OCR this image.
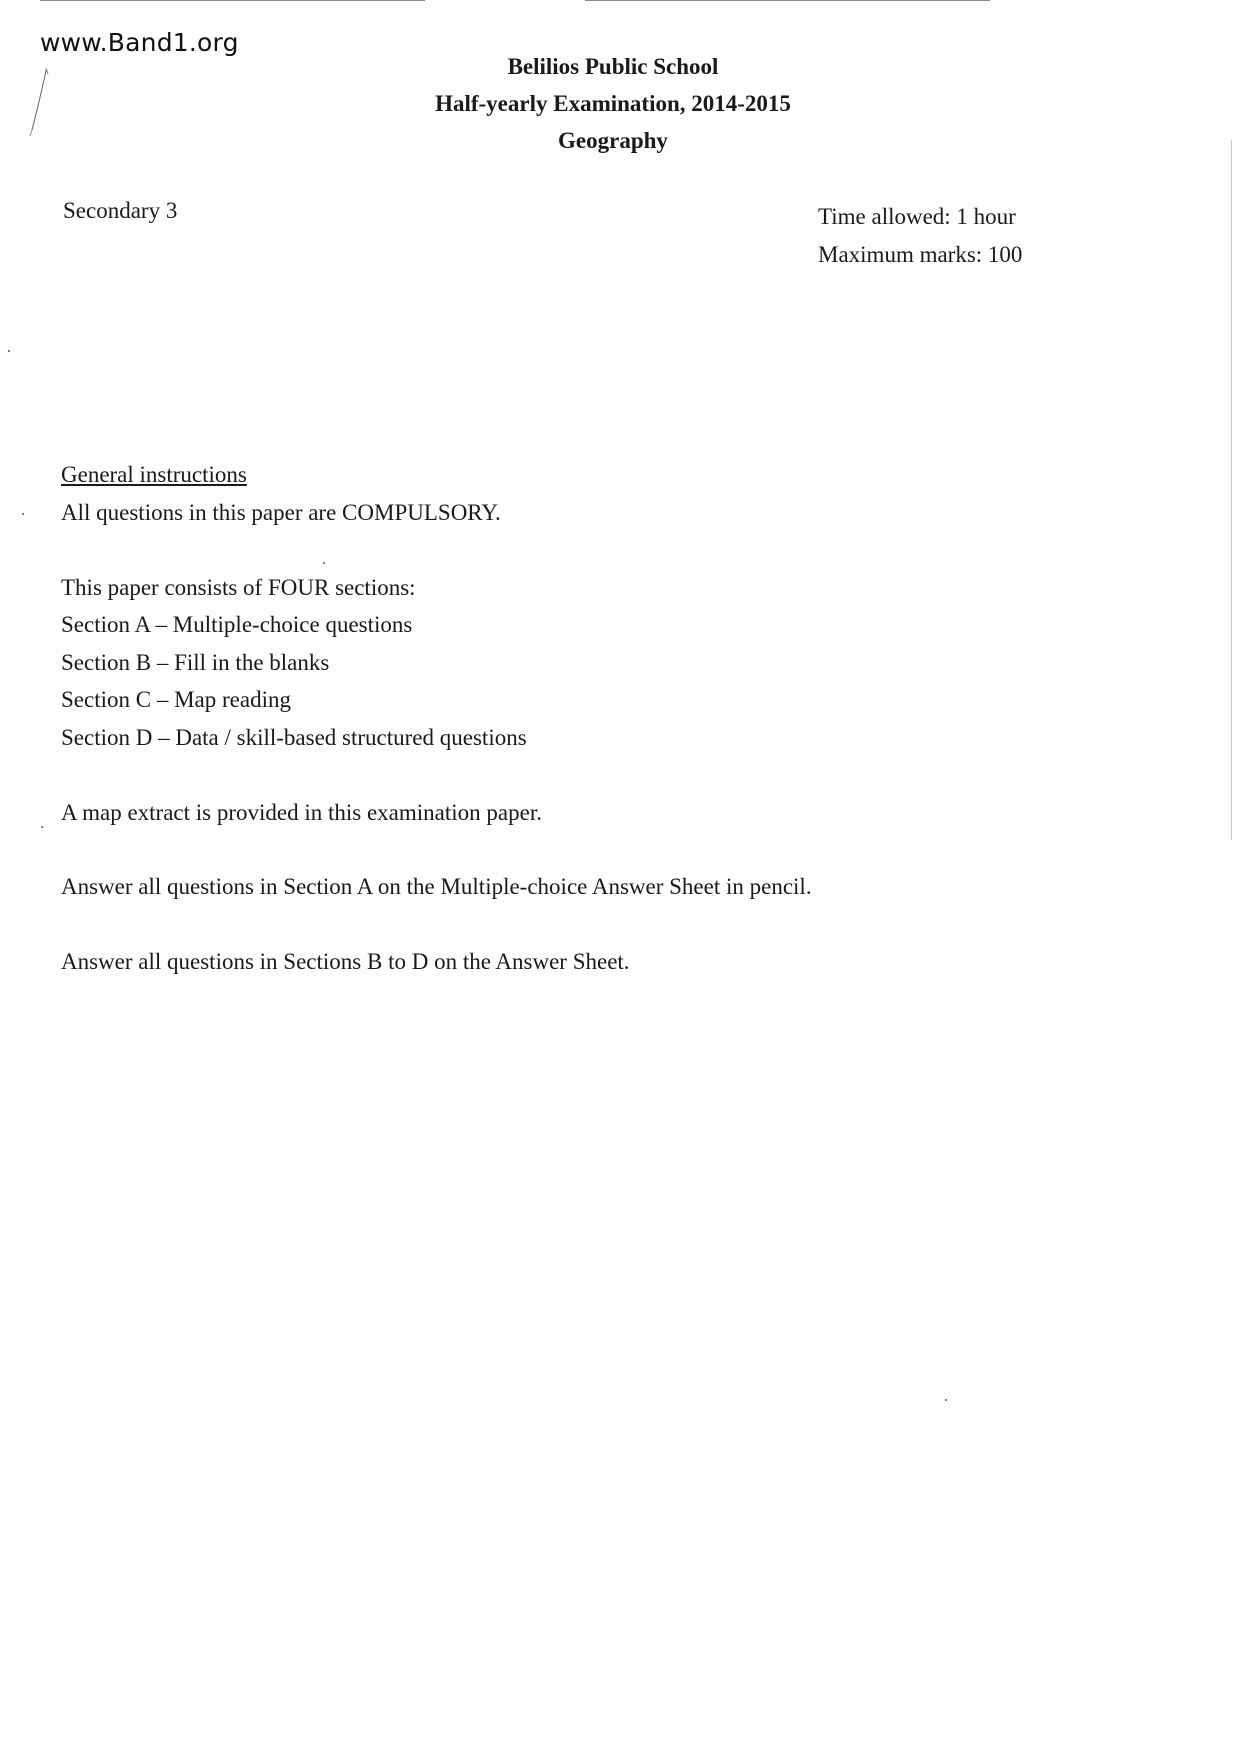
www.Band1.org
Belilios Public School
Half-yearly Examination, 2014-2015
Geography
Secondary 3	Time allowed: 1 hour
Maximum marks: 100
General instructions
All questions in this paper are COMPULSORY.
This paper consists of FOUR sections:
Section A – Multiple-choice questions
Section B – Fill in the blanks
Section C – Map reading
Section D – Data / skill-based structured questions
A map extract is provided in this examination paper.
Answer all questions in Section A on the Multiple-choice Answer Sheet in pencil.
Answer all questions in Sections B to D on the Answer Sheet.
